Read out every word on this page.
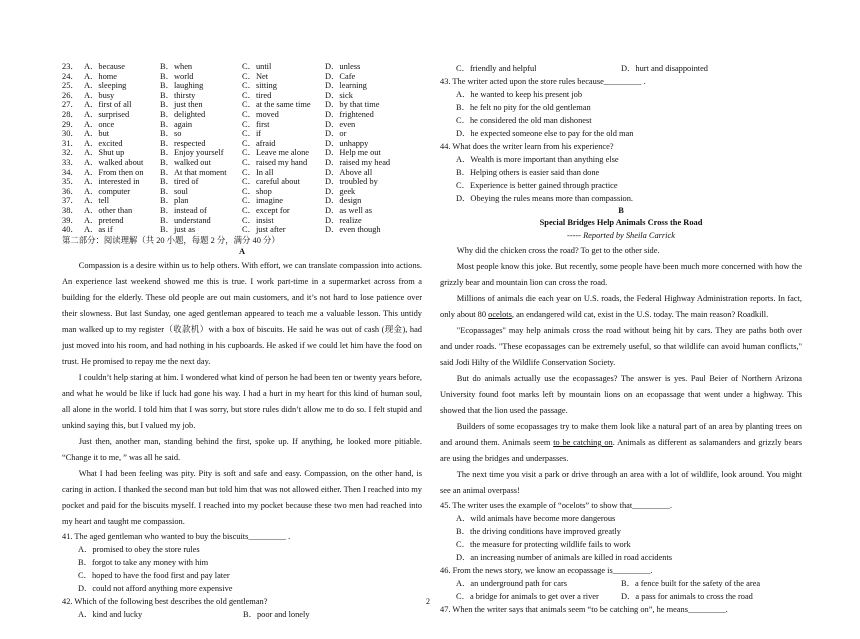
23． A．because	B．when	C．until	D．unless
24． A．home	B．world	C．Net	D．Cafe
25． A．sleeping	B．laughing	C．sitting	D．learning
26． A．busy	B．thirsty	C．tired	D．sick
27． A．first of all	B．just then	C．at the same time	D．by that time
28． A．surprised	B．delighted	C．moved	D．frightened
29． A．once	B．again	C．first	D．even
30． A．but	B．so	C．if	D．or
31． A．excited	B．respected	C．afraid	D．unhappy
32． A．Shut up	B．Enjoy yourself	C．Leave me alone	D．Help me out
33． A．walked about	B．walked out	C．raised my hand	D．raised my head
34． A．From then on	B．At that moment	C．In all	D．Above all
35． A．interested in	B．tired of	C．careful about	D．troubled by
36． A．computer	B．soul	C．shop	D．geek
37． A．tell	B．plan	C．imagine	D．design
38． A．other than	B．instead of	C．except for	D．as well as
39． A．pretend	B．understand	C．insist	D．realize
40． A．as if	B．just as	C．just after	D．even though
第二部分：阅读理解（共 20 小题，每题 2 分，满分 40 分）
A
Compassion is a desire within us to help others. With effort, we can translate compassion into actions. An experience last weekend showed me this is true. I work part-time in a supermarket across from a building for the elderly. These old people are out main customers, and it’s not hard to lose patience over their slowness. But last Sunday, one aged gentleman appeared to teach me a valuable lesson. This untidy man walked up to my register（收款机）with a box of biscuits. He said he was out of cash (现金), had just moved into his room, and had nothing in his cupboards. He asked if we could let him have the food on trust. He promised to repay me the next day.
I couldn’t help staring at him. I wondered what kind of person he had been ten or twenty years before, and what he would be like if luck had gone his way. I had a hurt in my heart for this kind of human soul, all alone in the world. I told him that I was sorry, but store rules didn’t allow me to do so. I felt stupid and unkind saying this, but I valued my job.
Just then, another man, standing behind the first, spoke up. If anything, he looked more pitiable. “Change it to me, ” was all he said.
What I had been feeling was pity. Pity is soft and safe and easy. Compassion, on the other hand, is caring in action. I thanked the second man but told him that was not allowed either. Then I reached into my pocket and paid for the biscuits myself. I reached into my pocket because these two men had reached into my heart and taught me compassion.
41. The aged gentleman who wanted to buy the biscuits_________ .
A．promised to obey the store rules
B．forgot to take any money with him
C．hoped to have the food first and pay later
D．could not afford anything more expensive
42. Which of the following best describes the old gentleman?
A．kind and lucky	B．poor and lonely
C．friendly and helpful	D．hurt and disappointed
43. The writer acted upon the store rules because_________ .
A．he wanted to keep his present job
B．he felt no pity for the old gentleman
C．he considered the old man dishonest
D．he expected someone else to pay for the old man
44. What does the writer learn from his experience?
A．Wealth is more important than anything else
B．Helping others is easier said than done
C．Experience is better gained through practice
D．Obeying the rules means more than compassion.
B
Special Bridges Help Animals Cross the Road
----- Reported by Sheila Carrick
Why did the chicken cross the road? To get to the other side.
Most people know this joke. But recently, some people have been much more concerned with how the grizzly bear and mountain lion can cross the road.
Millions of animals die each year on U.S. roads, the Federal Highway Administration reports. In fact, only about 80 ocelots, an endangered wild cat, exist in the U.S. today. The main reason? Roadkill.
"Ecopassages" may help animals cross the road without being hit by cars. They are paths both over and under roads. "These ecopassages can be extremely useful, so that wildlife can avoid human conflicts," said Jodi Hilty of the Wildlife Conservation Society.
But do animals actually use the ecopassages? The answer is yes. Paul Beier of Northern Arizona University found foot marks left by mountain lions on an ecopassage that went under a highway. This showed that the lion used the passage.
Builders of some ecopassages try to make them look like a natural part of an area by planting trees on and around them. Animals seem to be catching on. Animals as different as salamanders and grizzly bears are using the bridges and underpasses.
The next time you visit a park or drive through an area with a lot of wildlife, look around. You might see an animal overpass!
45. The writer uses the example of “ocelots” to show that_________.
A．wild animals have become more dangerous
B．the driving conditions have improved greatly
C．the measure for protecting wildlife fails to work
D．an increasing number of animals are killed in road accidents
46. From the news story, we know an ecopassage is_________.
A．an underground path for cars	B．a fence built for the safety of the area
C．a bridge for animals to get over a river	D．a pass for animals to cross the road
47. When the writer says that animals seem “to be catching on”, he means_________.
2
